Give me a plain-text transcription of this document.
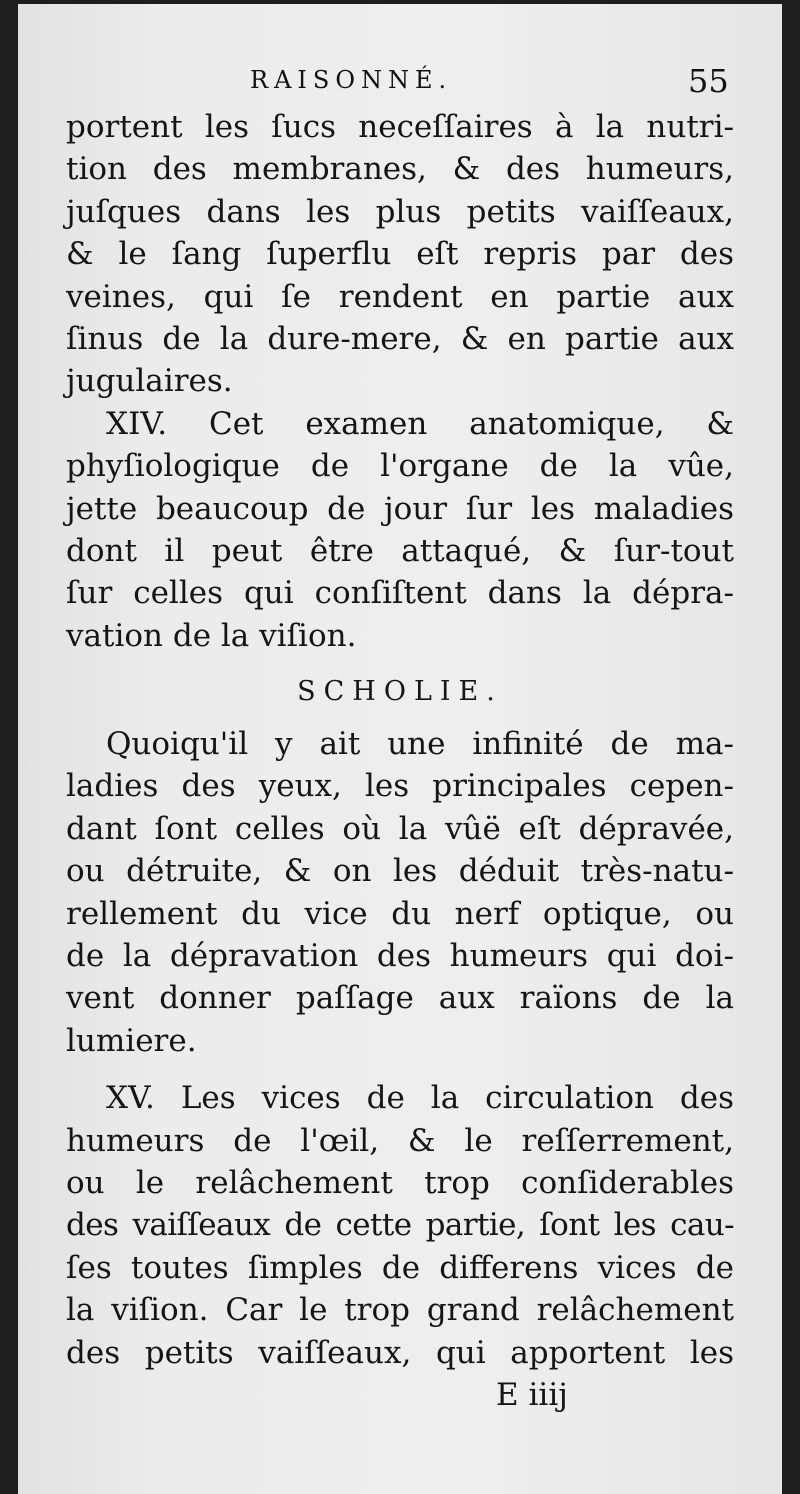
RAISONNÉ.	55
portent les ſucs neceſſaires à la nutri-
tion des membranes, & des humeurs,
juſques dans les plus petits vaiſſeaux,
& le ſang ſuperflu eſt repris par des
veines, qui ſe rendent en partie aux
ſinus de la dure-mere, & en partie aux
jugulaires.
XIV. Cet examen anatomique, &
phyſiologique de l'organe de la vûe,
jette beaucoup de jour ſur les maladies
dont il peut être attaqué, & ſur-tout
ſur celles qui conſiſtent dans la dépra-
vation de la viſion.
SCHOLIE.
Quoiqu'il y ait une infinité de ma-
ladies des yeux, les principales cepen-
dant ſont celles où la vûë eſt dépravée,
ou détruite, & on les déduit très-natu-
rellement du vice du nerf optique, ou
de la dépravation des humeurs qui doi-
vent donner paſſage aux raïons de la
lumiere.
XV. Les vices de la circulation des
humeurs de l'œil, & le reſſerrement,
ou le relâchement trop conſiderables
des vaiſſeaux de cette partie, ſont les cau-
ſes toutes ſimples de differens vices de
la viſion. Car le trop grand relâchement
des petits vaiſſeaux, qui apportent les
E iiij
